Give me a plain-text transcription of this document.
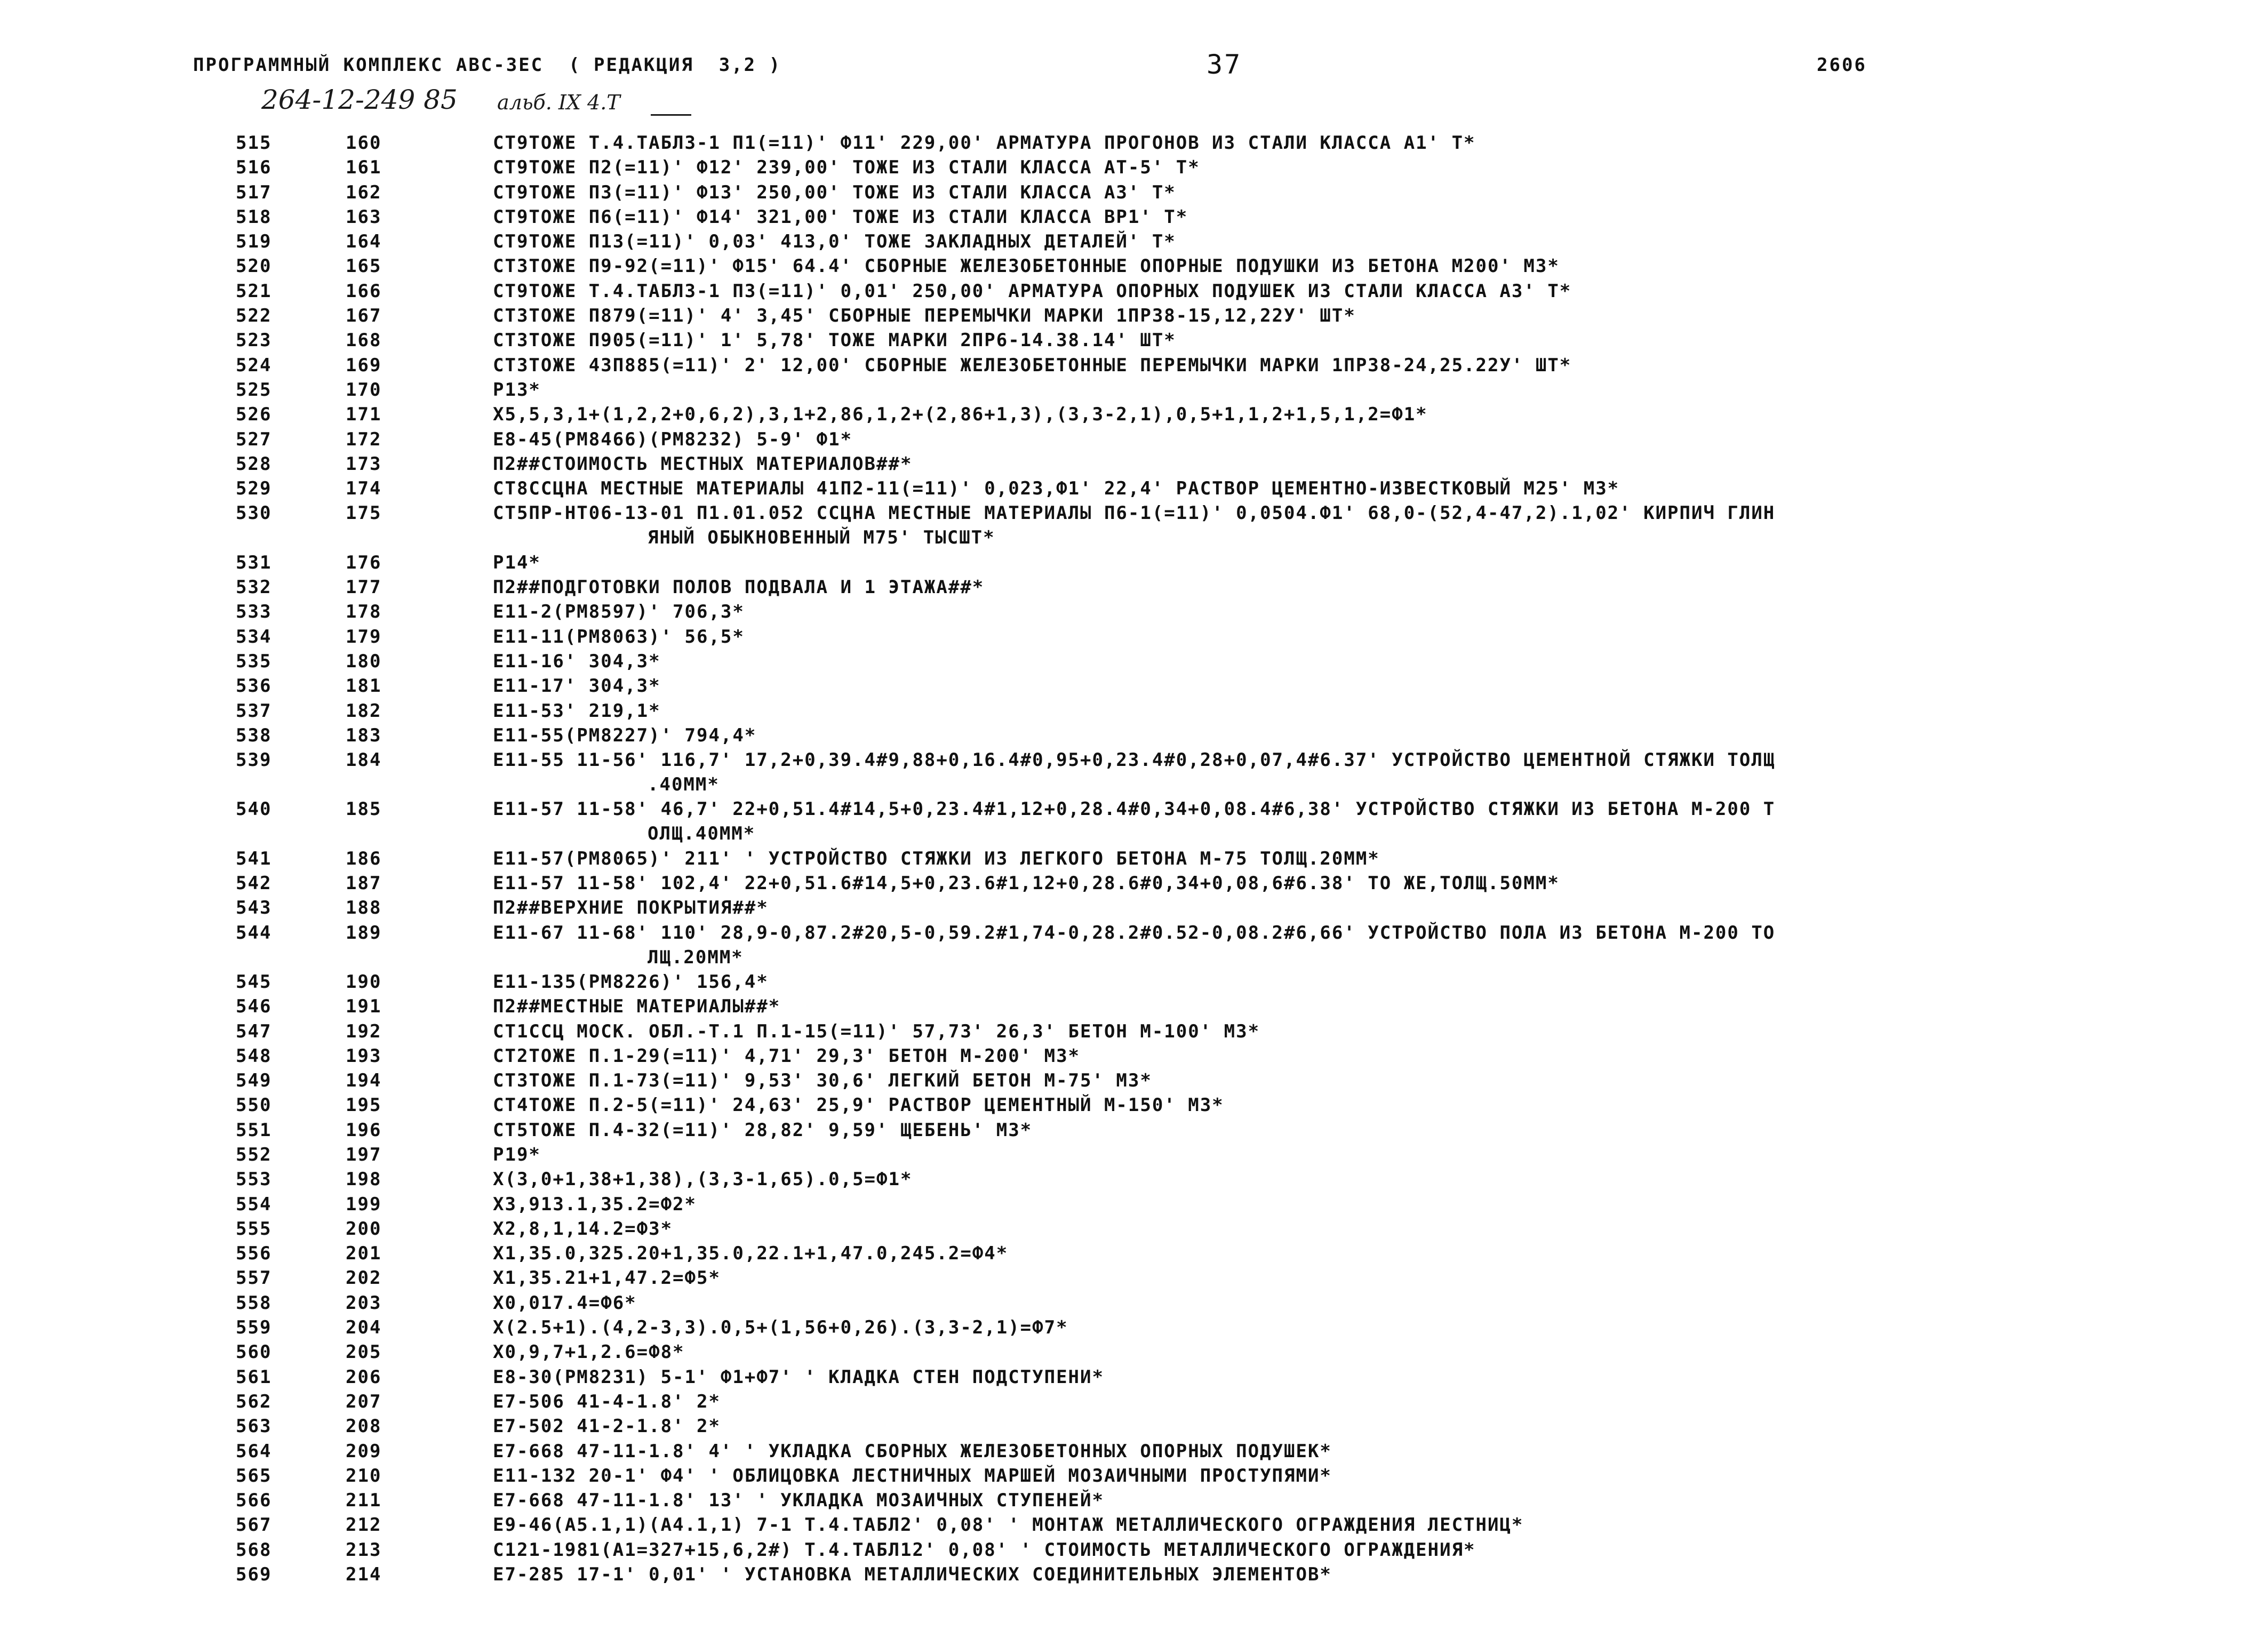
ПРОГРАММНЫЙ КОМПЛЕКС АВС-ЗЕС  ( РЕДАКЦИЯ  3,2 )	37	2606
264-12-249 85 альб. IX 4.T
515	160	СТ9ТОЖЕ Т.4.ТАБЛ3-1 П1(=11)' Ф11' 229,00' АРМАТУРА ПРОГОНОВ ИЗ СТАЛИ КЛАССА А1' Т*
516	161	СТ9ТОЖЕ П2(=11)' Ф12' 239,00' ТОЖЕ ИЗ СТАЛИ КЛАССА АТ-5' Т*
517	162	СТ9ТОЖЕ П3(=11)' Ф13' 250,00' ТОЖЕ ИЗ СТАЛИ КЛАССА А3' Т*
518	163	СТ9ТОЖЕ П6(=11)' Ф14' 321,00' ТОЖЕ ИЗ СТАЛИ КЛАССА ВР1' Т*
519	164	СТ9ТОЖЕ П13(=11)' 0,03' 413,0' ТОЖЕ ЗАКЛАДНЫХ ДЕТАЛЕЙ' Т*
520	165	СТ3ТОЖЕ П9-92(=11)' Ф15' 64.4' СБОРНЫЕ ЖЕЛЕЗОБЕТОННЫЕ ОПОРНЫЕ ПОДУШКИ ИЗ БЕТОНА М200' М3*
521	166	СТ9ТОЖЕ Т.4.ТАБЛ3-1 П3(=11)' 0,01' 250,00' АРМАТУРА ОПОРНЫХ ПОДУШЕК ИЗ СТАЛИ КЛАССА А3' Т*
522	167	СТ3ТОЖЕ П879(=11)' 4' 3,45' СБОРНЫЕ ПЕРЕМЫЧКИ МАРКИ 1ПР38-15,12,22У' ШТ*
523	168	СТ3ТОЖЕ П905(=11)' 1' 5,78' ТОЖЕ МАРКИ 2ПР6-14.38.14' ШТ*
524	169	СТ3ТОЖЕ 43П885(=11)' 2' 12,00' СБОРНЫЕ ЖЕЛЕЗОБЕТОННЫЕ ПЕРЕМЫЧКИ МАРКИ 1ПР38-24,25.22У' ШТ*
525	170	Р13*
526	171	Х5,5,3,1+(1,2,2+0,6,2),3,1+2,86,1,2+(2,86+1,3),(3,3-2,1),0,5+1,1,2+1,5,1,2=Ф1*
527	172	Е8-45(РМ8466)(РМ8232) 5-9' Ф1*
528	173	П2##СТОИМОСТЬ МЕСТНЫХ МАТЕРИАЛОВ##*
529	174	СТ8ССЦНА МЕСТНЫЕ МАТЕРИАЛЫ 41П2-11(=11)' 0,023,Ф1' 22,4' РАСТВОР ЦЕМЕНТНО-ИЗВЕСТКОВЫЙ М25' М3*
530	175	СТ5ПР-НТ06-13-01 П1.01.052 ССЦНА МЕСТНЫЕ МАТЕРИАЛЫ П6-1(=11)' 0,0504.Ф1' 68,0-(52,4-47,2).1,02' КИРПИЧ ГЛИН
ЯНЫЙ ОБЫКНОВЕННЫЙ М75' ТЫСШТ*
531	176	Р14*
532	177	П2##ПОДГОТОВКИ ПОЛОВ ПОДВАЛА И 1 ЭТАЖА##*
533	178	Е11-2(РМ8597)' 706,3*
534	179	Е11-11(РМ8063)' 56,5*
535	180	Е11-16' 304,3*
536	181	Е11-17' 304,3*
537	182	Е11-53' 219,1*
538	183	Е11-55(РМ8227)' 794,4*
539	184	Е11-55 11-56' 116,7' 17,2+0,39.4#9,88+0,16.4#0,95+0,23.4#0,28+0,07,4#6.37' УСТРОЙСТВО ЦЕМЕНТНОЙ СТЯЖКИ ТОЛЩ
.40ММ*
540	185	Е11-57 11-58' 46,7' 22+0,51.4#14,5+0,23.4#1,12+0,28.4#0,34+0,08.4#6,38' УСТРОЙСТВО СТЯЖКИ ИЗ БЕТОНА М-200 Т
ОЛЩ.40ММ*
541	186	Е11-57(РМ8065)' 211' ' УСТРОЙСТВО СТЯЖКИ ИЗ ЛЕГКОГО БЕТОНА М-75 ТОЛЩ.20ММ*
542	187	Е11-57 11-58' 102,4' 22+0,51.6#14,5+0,23.6#1,12+0,28.6#0,34+0,08,6#6.38' ТО ЖЕ,ТОЛЩ.50ММ*
543	188	П2##ВЕРХНИЕ ПОКРЫТИЯ##*
544	189	Е11-67 11-68' 110' 28,9-0,87.2#20,5-0,59.2#1,74-0,28.2#0.52-0,08.2#6,66' УСТРОЙСТВО ПОЛА ИЗ БЕТОНА М-200 ТО
ЛЩ.20ММ*
545	190	Е11-135(РМ8226)' 156,4*
546	191	П2##МЕСТНЫЕ МАТЕРИАЛЫ##*
547	192	СТ1ССЦ МОСК. ОБЛ.-Т.1 П.1-15(=11)' 57,73' 26,3' БЕТОН М-100' М3*
548	193	СТ2ТОЖЕ П.1-29(=11)' 4,71' 29,3' БЕТОН М-200' М3*
549	194	СТ3ТОЖЕ П.1-73(=11)' 9,53' 30,6' ЛЕГКИЙ БЕТОН М-75' М3*
550	195	СТ4ТОЖЕ П.2-5(=11)' 24,63' 25,9' РАСТВОР ЦЕМЕНТНЫЙ М-150' М3*
551	196	СТ5ТОЖЕ П.4-32(=11)' 28,82' 9,59' ЩЕБЕНЬ' М3*
552	197	Р19*
553	198	Х(3,0+1,38+1,38),(3,3-1,65).0,5=Ф1*
554	199	Х3,913.1,35.2=Ф2*
555	200	Х2,8,1,14.2=Ф3*
556	201	Х1,35.0,325.20+1,35.0,22.1+1,47.0,245.2=Ф4*
557	202	Х1,35.21+1,47.2=Ф5*
558	203	Х0,017.4=Ф6*
559	204	Х(2.5+1).(4,2-3,3).0,5+(1,56+0,26).(3,3-2,1)=Ф7*
560	205	Х0,9,7+1,2.6=Ф8*
561	206	Е8-30(РМ8231) 5-1' Ф1+Ф7' ' КЛАДКА СТЕН ПОДСТУПЕНИ*
562	207	Е7-506 41-4-1.8' 2*
563	208	Е7-502 41-2-1.8' 2*
564	209	Е7-668 47-11-1.8' 4' ' УКЛАДКА СБОРНЫХ ЖЕЛЕЗОБЕТОННЫХ ОПОРНЫХ ПОДУШЕК*
565	210	Е11-132 20-1' Ф4' ' ОБЛИЦОВКА ЛЕСТНИЧНЫХ МАРШЕЙ МОЗАИЧНЫМИ ПРОСТУПЯМИ*
566	211	Е7-668 47-11-1.8' 13' ' УКЛАДКА МОЗАИЧНЫХ СТУПЕНЕЙ*
567	212	Е9-46(А5.1,1)(А4.1,1) 7-1 Т.4.ТАБЛ2' 0,08' ' МОНТАЖ МЕТАЛЛИЧЕСКОГО ОГРАЖДЕНИЯ ЛЕСТНИЦ*
568	213	С121-1981(А1=327+15,6,2#) Т.4.ТАБЛ12' 0,08' ' СТОИМОСТЬ МЕТАЛЛИЧЕСКОГО ОГРАЖДЕНИЯ*
569	214	Е7-285 17-1' 0,01' ' УСТАНОВКА МЕТАЛЛИЧЕСКИХ СОЕДИНИТЕЛЬНЫХ ЭЛЕМЕНТОВ*
